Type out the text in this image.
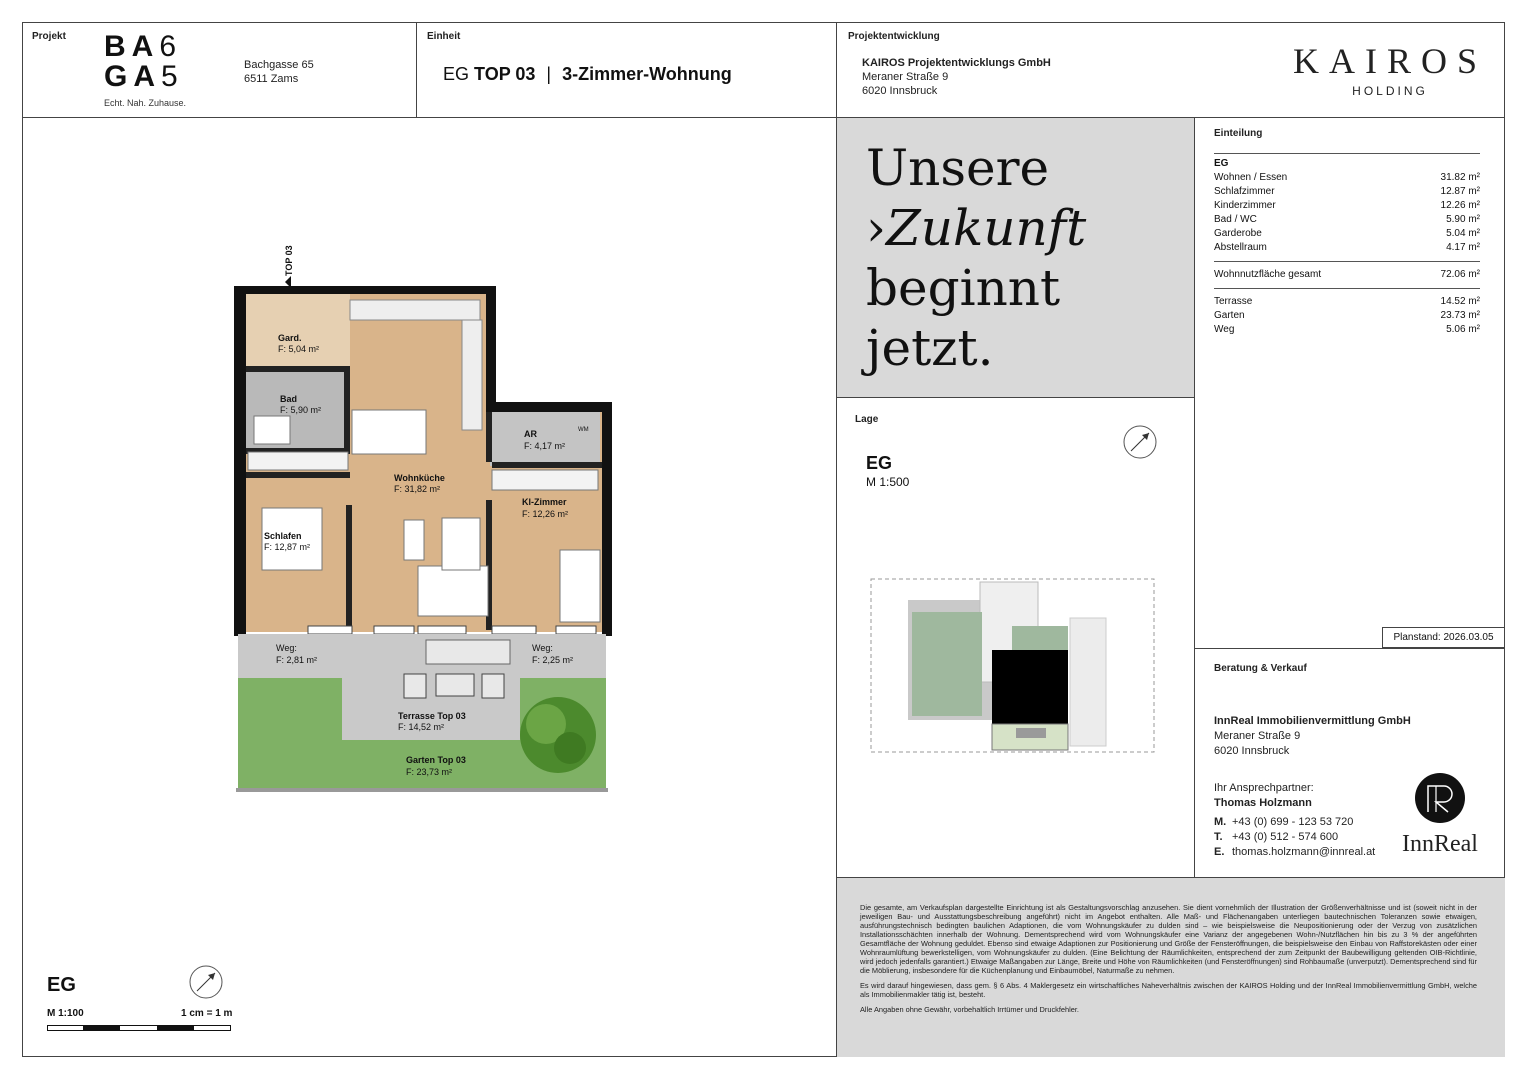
Projekt BA6
GA5
Echt. Nah. Zuhause.
Bachgasse 65
6511 Zams
Einheit
EG TOP 03 | 3-Zimmer-Wohnung
Projektentwicklung
KAIROS Projektentwicklungs GmbH
Meraner Straße 9
6020 Innsbruck
KAIROS
HOLDING
TOP 03
Gard.
F: 5,04 m²
Bad
F: 5,90 m²
AR
F: 4,17 m²
Wohnküche
F: 31,82 m²
Kl-Zimmer
F: 12,26 m²
Schlafen
F: 12,87 m²
Weg:
F: 2,81 m²
Weg:
F: 2,25 m²
Terrasse Top 03
F: 14,52 m²
Garten Top 03
F: 23,73 m²
WM
EG
M 1:100	1 cm = 1 m
Unsere
›Zukunft
beginnt
jetzt.
Einteilung
EG
Wohnen / Essen	31.82 m²
Schlafzimmer	12.87 m²
Kinderzimmer	12.26 m²
Bad / WC	5.90 m²
Garderobe	5.04 m²
Abstellraum	4.17 m²
Wohnnutzfläche gesamt	72.06 m²
Terrasse	14.52 m²
Garten	23.73 m²
Weg	5.06 m²
Planstand: 2026.03.05
Lage
EG
M 1:500
Beratung & Verkauf
InnReal Immobilienvermittlung GmbH
Meraner Straße 9
6020 Innsbruck
Ihr Ansprechpartner:
Thomas Holzmann
M. +43 (0) 699 - 123 53 720
T. +43 (0) 512 - 574 600
E. thomas.holzmann@innreal.at	InnReal

Die gesamte, am Verkaufsplan dargestellte Einrichtung ist als Gestaltungsvorschlag anzusehen. Sie dient vornehmlich der Illustration der Größenverhältnisse und ist (soweit nicht in der jeweiligen Bau- und Ausstattungsbeschreibung angeführt) nicht im Angebot enthalten. Alle Maß- und Flächenangaben unterliegen bautechnischen Toleranzen sowie etwaigen, ausführungstechnisch bedingten baulichen Adaptionen, die vom Wohnungskäufer zu dulden sind – wie beispielsweise die Neupositionierung oder der Verzug von zusätzlichen Installationsschächten innerhalb der Wohnung. Dementsprechend wird vom Wohnungskäufer eine Varianz der angegebenen Wohn-/Nutzflächen hin bis zu 3 % der angeführten Gesamtfläche der Wohnung geduldet. Ebenso sind etwaige Adaptionen zur Positionierung und Größe der Fensteröffnungen, die beispielsweise den Einbau von Raffstorekästen oder einer Wohnraumlüftung bewerkstelligen, vom Wohnungskäufer zu dulden. (Eine Belichtung der Räumlichkeiten, entsprechend der zum Zeitpunkt der Baubewilligung geltenden OIB-Richtlinie, wird jedoch jedenfalls garantiert.) Etwaige Maßangaben zur Länge, Breite und Höhe von Räumlichkeiten (und Fensteröffnungen) sind Rohbaumaße (unverputzt). Dementsprechend sind für die Möblierung, insbesondere für die Küchenplanung und Einbaumöbel, Naturmaße zu nehmen.

Es wird darauf hingewiesen, dass gem. § 6 Abs. 4 Maklergesetz ein wirtschaftliches Naheverhältnis zwischen der KAIROS Holding und der InnReal Immobilienvermittlung GmbH, welche als Immobilienmakler tätig ist, besteht.

Alle Angaben ohne Gewähr, vorbehaltlich Irrtümer und Druckfehler.
